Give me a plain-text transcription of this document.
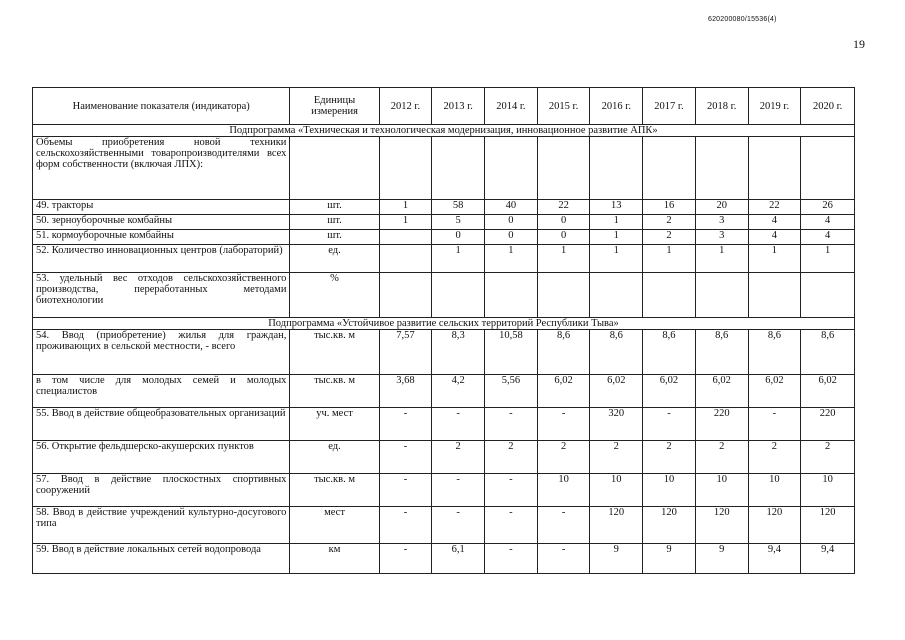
620200080/15536(4)
19
Наименование показателя (индикатора)	Единицы измерения	2012 г.	2013 г.	2014 г.	2015 г.	2016 г.	2017 г.	2018 г.	2019 г.	2020 г.
Подпрограмма «Техническая и технологическая модернизация, инновационное развитие АПК»										
Объемы приобретения новой техники сельскохозяйственными товаропроизводителями всех форм собственности (включая ЛПХ):										
49. тракторы	шт.	1	58	40	22	13	16	20	22	26
50. зерноуборочные комбайны	шт.	1	5	0	0	1	2	3	4	4
51. кормоуборочные комбайны	шт.		0	0	0	1	2	3	4	4
52. Количество инновационных центров (лабораторий)	ед.		1	1	1	1	1	1	1	1
53. удельный вес отходов сельскохозяйственного производства, переработанных методами биотехнологии	%									
Подпрограмма «Устойчивое развитие сельских территорий Республики Тыва»										
54. Ввод (приобретение) жилья для граждан, проживающих в сельской местности, - всего	тыс.кв. м	7,57	8,3	10,58	8,6	8,6	8,6	8,6	8,6	8,6
в том числе для молодых семей и молодых специалистов	тыс.кв. м	3,68	4,2	5,56	6,02	6,02	6,02	6,02	6,02	6,02
55. Ввод в действие общеобразовательных организаций	уч. мест	-	-	-	-	320	-	220	-	220
56. Открытие фельдшерско-акушерских пунктов	ед.	-	2	2	2	2	2	2	2	2
57. Ввод в действие плоскостных спортивных сооружений	тыс.кв. м	-	-	-	10	10	10	10	10	10
58. Ввод в действие учреждений культурно-досугового типа	мест	-	-	-	-	120	120	120	120	120
59. Ввод в действие локальных сетей водопровода	км	-	6,1	-	-	9	9	9	9,4	9,4
